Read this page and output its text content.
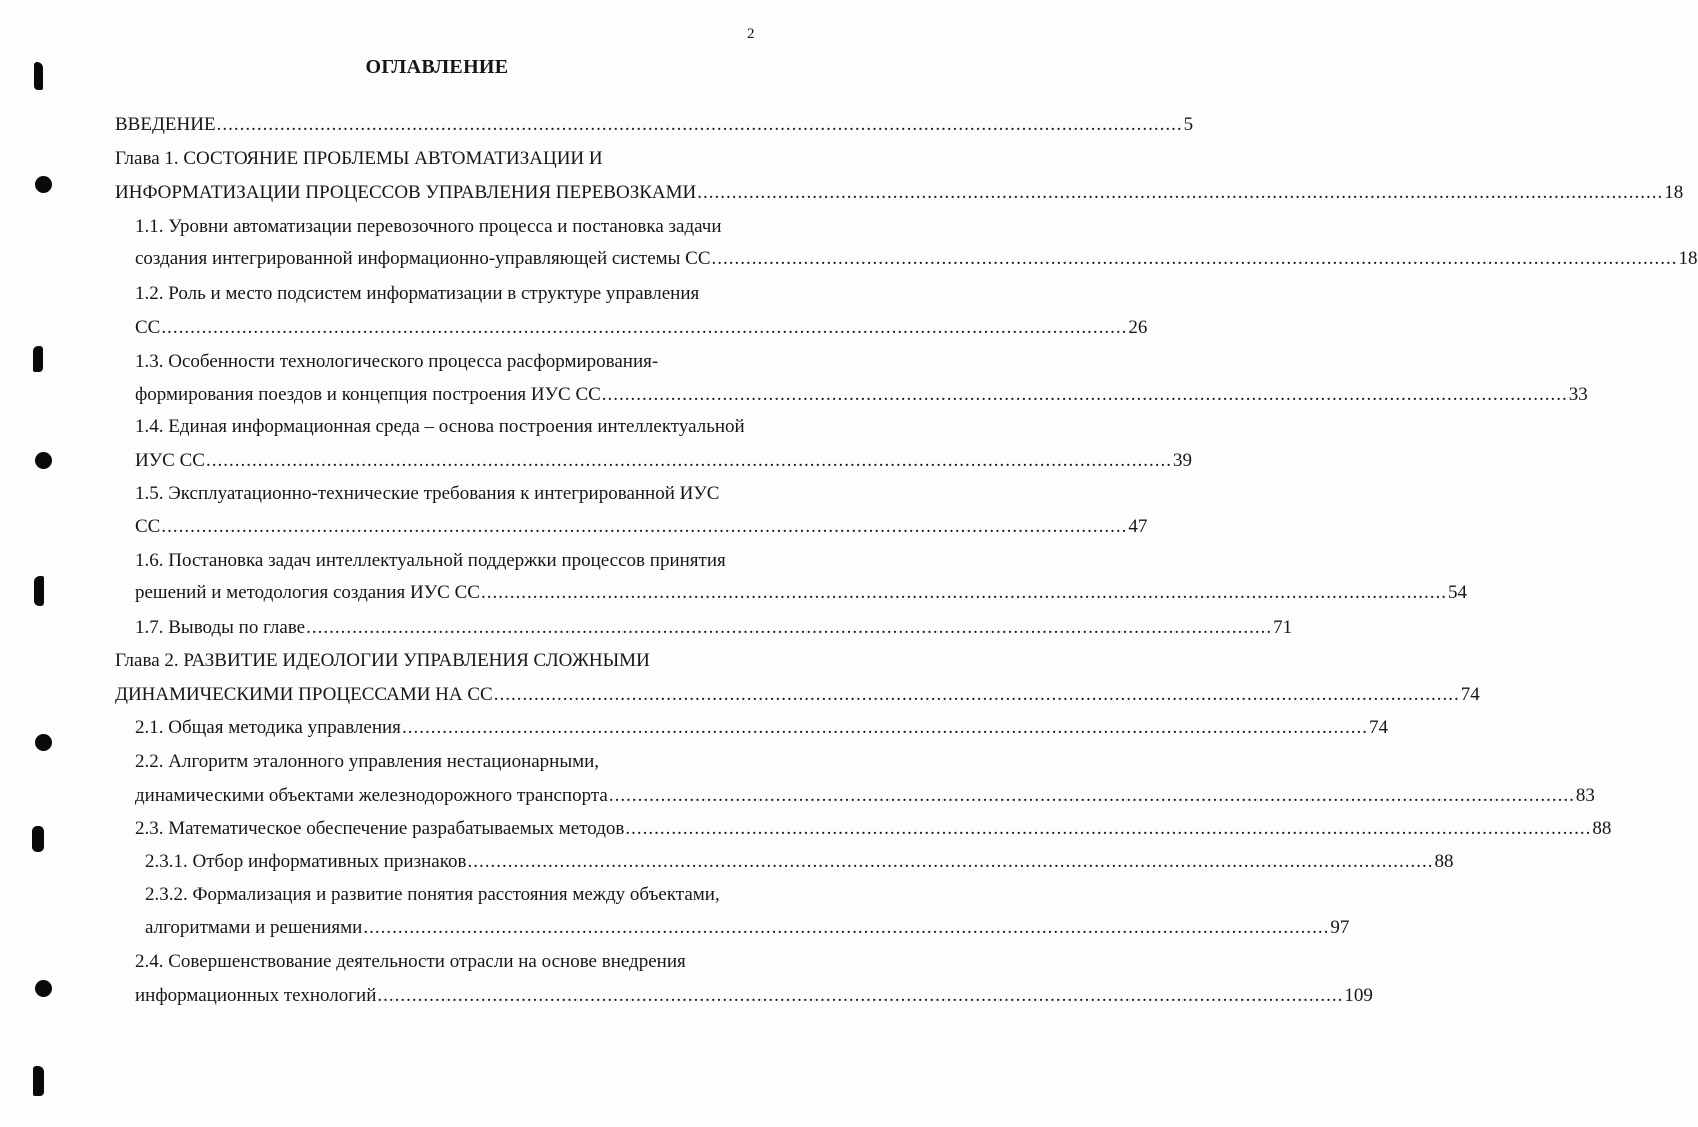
2
ОГЛАВЛЕНИЕ
ВВЕДЕНИЕ ........................................................................................................................................................................ 5
Глава 1. СОСТОЯНИЕ ПРОБЛЕМЫ АВТОМАТИЗАЦИИ И
ИНФОРМАТИЗАЦИИ ПРОЦЕССОВ УПРАВЛЕНИЯ ПЕРЕВОЗКАМИ ........................................................................................................................................................................ 18
1.1. Уровни автоматизации перевозочного процесса и постановка задачи
создания интегрированной информационно-управляющей системы СС ........................................................................................................................................................................ 18
1.2. Роль и место подсистем информатизации в структуре управления
СС ........................................................................................................................................................................ 26
1.3. Особенности технологического процесса расформирования-
формирования поездов и концепция построения ИУС СС ........................................................................................................................................................................ 33
1.4. Единая информационная среда – основа построения интеллектуальной
ИУС СС ........................................................................................................................................................................ 39
1.5. Эксплуатационно-технические требования к интегрированной ИУС
СС ........................................................................................................................................................................ 47
1.6. Постановка задач интеллектуальной поддержки процессов принятия
решений и методология создания ИУС СС ........................................................................................................................................................................ 54
1.7. Выводы по главе ........................................................................................................................................................................ 71
Глава 2. РАЗВИТИЕ ИДЕОЛОГИИ УПРАВЛЕНИЯ СЛОЖНЫМИ
ДИНАМИЧЕСКИМИ ПРОЦЕССАМИ НА СС ........................................................................................................................................................................ 74
2.1. Общая методика управления ........................................................................................................................................................................ 74
2.2. Алгоритм эталонного управления нестационарными,
динамическими объектами железнодорожного транспорта ........................................................................................................................................................................ 83
2.3. Математическое обеспечение разрабатываемых методов ........................................................................................................................................................................ 88
2.3.1. Отбор информативных признаков ........................................................................................................................................................................ 88
2.3.2. Формализация и развитие понятия расстояния между объектами,
алгоритмами и решениями ........................................................................................................................................................................ 97
2.4. Совершенствование деятельности отрасли на основе внедрения
информационных технологий ........................................................................................................................................................................ 109
